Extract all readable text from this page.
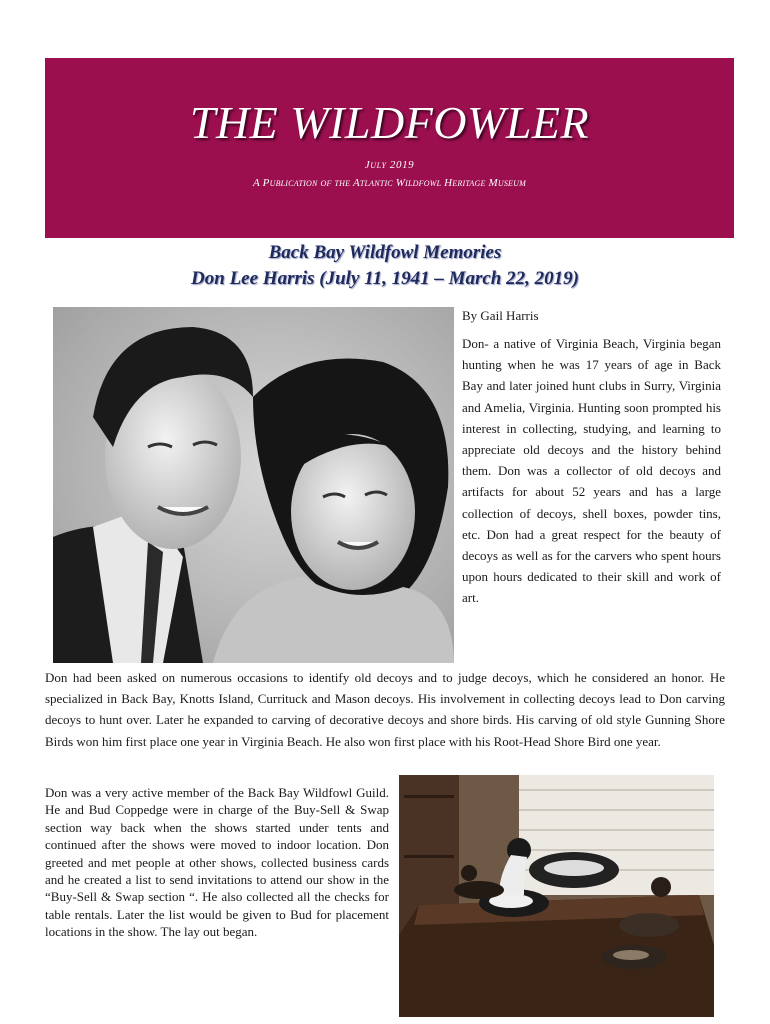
THE WILDFOWLER
July 2019
A Publication of the Atlantic Wildfowl Heritage Museum
Back Bay Wildfowl Memories
Don Lee Harris (July 11, 1941 – March 22, 2019)
By Gail Harris
Don- a native of Virginia Beach, Virginia began hunting when he was 17 years of age in Back Bay and later joined hunt clubs in Surry, Virginia and Amelia, Virginia. Hunting soon prompted his interest in collecting, studying, and learning to appreciate old decoys and the history behind them. Don was a collector of old decoys and artifacts for about 52 years and has a large collection of decoys, shell boxes, powder tins, etc. Don had a great respect for the beauty of decoys as well as for the carvers who spent hours upon hours dedicated to their skill and work of art.
Don had been asked on numerous occasions to identify old decoys and to judge decoys, which he considered an honor. He specialized in Back Bay, Knotts Island, Currituck and Mason decoys. His involvement in collecting decoys lead to Don carving decoys to hunt over. Later he expanded to carving of decorative decoys and shore birds. His carving of old style Gunning Shore Birds won him first place one year in Virginia Beach. He also won first place with his Root-Head Shore Bird one year.
Don was a very active member of the Back Bay Wildfowl Guild. He and Bud Coppedge were in charge of the Buy-Sell & Swap section way back when the shows started under tents and continued after the shows were moved to indoor location. Don greeted and met people at other shows, collected business cards and he created a list to send invitations to attend our show in the “Buy-Sell & Swap section “. He also collected all the checks for table rentals. Later the list would be given to Bud for placement locations in the show. The lay out began.
